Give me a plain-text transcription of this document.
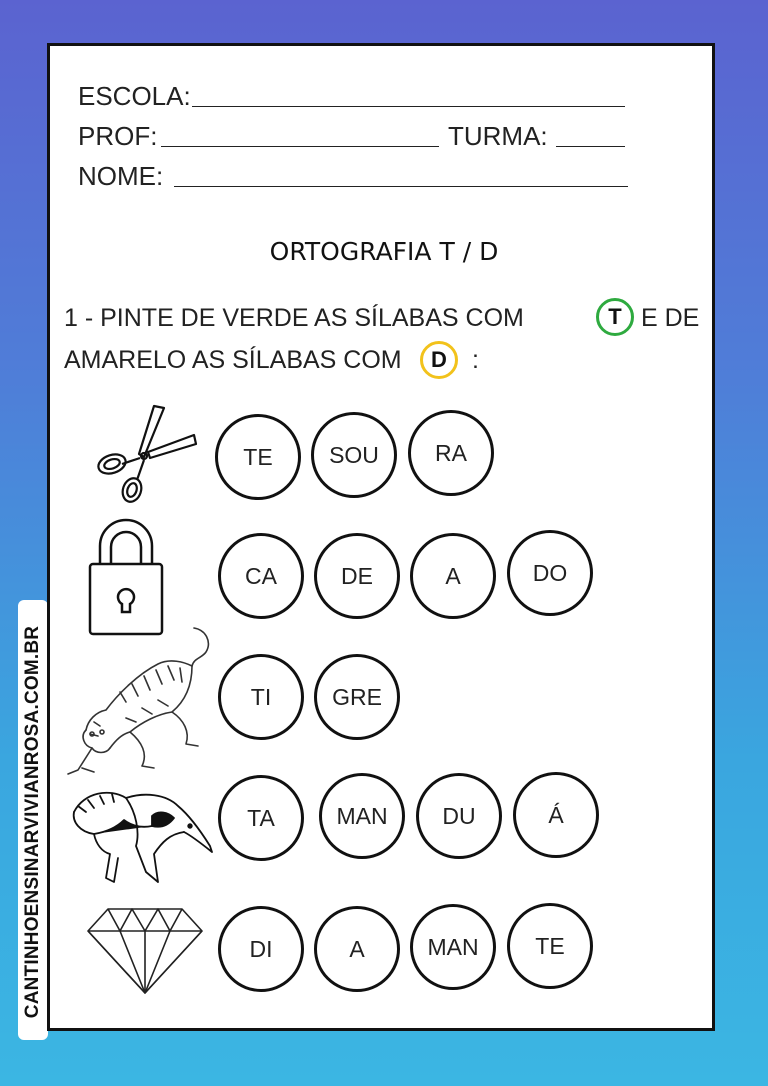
CANTINHOENSINARVIVIANROSA.COM.BR
ESCOLA:
PROF:	TURMA:
NOME:
ORTOGRAFIA T / D
1 - PINTE DE VERDE AS SÍLABAS COM	T E DE
AMARELO AS SÍLABAS COM	D	:
TE	SOU	RA
CA	DE	A	DO
TI	GRE
TA	MAN	DU	Á
DI	A	MAN	TE
